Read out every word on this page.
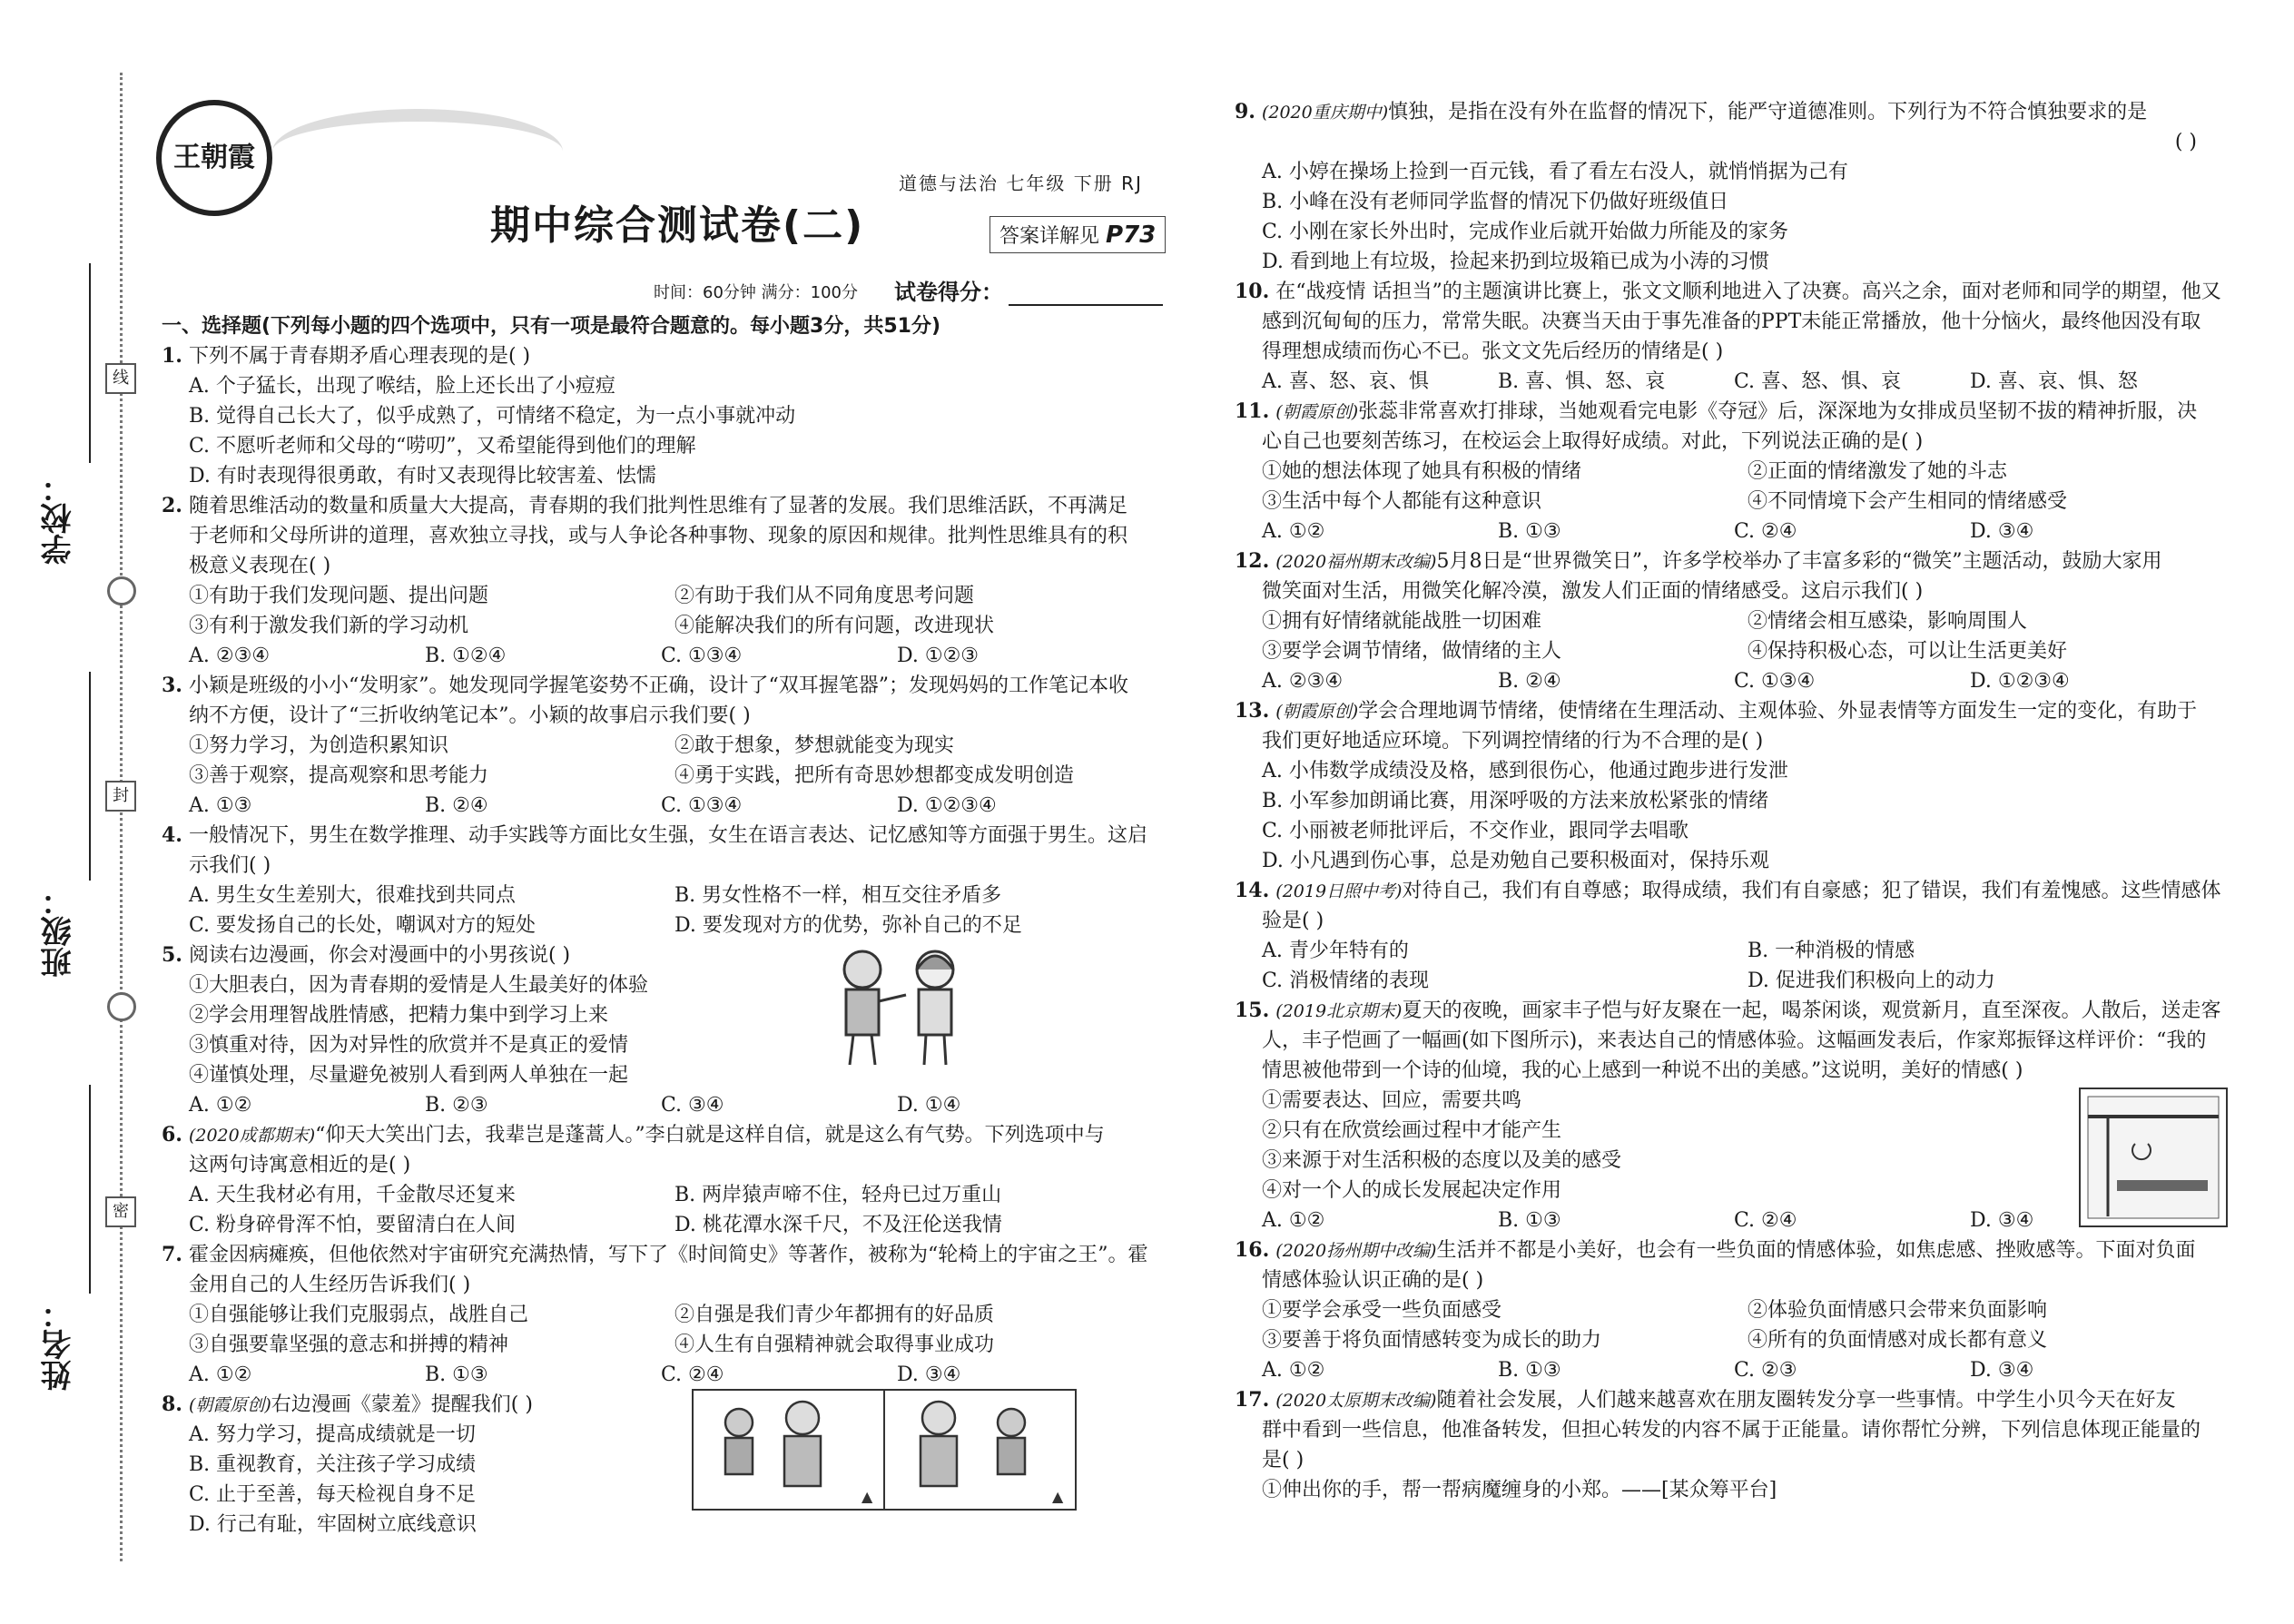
学校：
班级：
姓名：
线
封
密
王朝霞
期中综合测试卷(二)
道德与法治 七年级 下册 RJ
答案详解见 P73
时间：60分钟 满分：100分 试卷得分：
一、选择题(下列每小题的四个选项中，只有一项是最符合题意的。每小题3分，共51分)
1. 下列不属于青春期矛盾心理表现的是( )
A. 个子猛长，出现了喉结，脸上还长出了小痘痘
B. 觉得自己长大了，似乎成熟了，可情绪不稳定，为一点小事就冲动
C. 不愿听老师和父母的“唠叨”，又希望能得到他们的理解
D. 有时表现得很勇敢，有时又表现得比较害羞、怯懦
2. 随着思维活动的数量和质量大大提高，青春期的我们批判性思维有了显著的发展。我们思维活跃，不再满足
于老师和父母所讲的道理，喜欢独立寻找，或与人争论各种事物、现象的原因和规律。批判性思维具有的积
极意义表现在( )
①有助于我们发现问题、提出问题	②有助于我们从不同角度思考问题
③有利于激发我们新的学习动机	④能解决我们的所有问题，改进现状
A. ②③④	B. ①②④	C. ①③④	D. ①②③
3. 小颖是班级的小小“发明家”。她发现同学握笔姿势不正确，设计了“双耳握笔器”；发现妈妈的工作笔记本收
纳不方便，设计了“三折收纳笔记本”。小颖的故事启示我们要( )
①努力学习，为创造积累知识	②敢于想象，梦想就能变为现实
③善于观察，提高观察和思考能力	④勇于实践，把所有奇思妙想都变成发明创造
A. ①③	B. ②④	C. ①③④	D. ①②③④
4. 一般情况下，男生在数学推理、动手实践等方面比女生强，女生在语言表达、记忆感知等方面强于男生。这启
示我们( )
A. 男生女生差别大，很难找到共同点	B. 男女性格不一样，相互交往矛盾多
C. 要发扬自己的长处，嘲讽对方的短处	D. 要发现对方的优势，弥补自己的不足
5. 阅读右边漫画，你会对漫画中的小男孩说( )
①大胆表白，因为青春期的爱情是人生最美好的体验
②学会用理智战胜情感，把精力集中到学习上来
③慎重对待，因为对异性的欣赏并不是真正的爱情
④谨慎处理，尽量避免被别人看到两人单独在一起
A. ①②	B. ②③	C. ③④	D. ①④
6. (2020成都期末)“仰天大笑出门去，我辈岂是蓬蒿人。”李白就是这样自信，就是这么有气势。下列选项中与
这两句诗寓意相近的是( )
A. 天生我材必有用，千金散尽还复来	B. 两岸猿声啼不住，轻舟已过万重山
C. 粉身碎骨浑不怕，要留清白在人间	D. 桃花潭水深千尺，不及汪伦送我情
7. 霍金因病瘫痪，但他依然对宇宙研究充满热情，写下了《时间简史》等著作，被称为“轮椅上的宇宙之王”。霍
金用自己的人生经历告诉我们( )
①自强能够让我们克服弱点，战胜自己	②自强是我们青少年都拥有的好品质
③自强要靠坚强的意志和拼搏的精神	④人生有自强精神就会取得事业成功
A. ①②	B. ①③	C. ②④	D. ③④
8. (朝霞原创)右边漫画《蒙羞》提醒我们( )
A. 努力学习，提高成绩就是一切
B. 重视教育，关注孩子学习成绩
C. 止于至善，每天检视自身不足
D. 行己有耻，牢固树立底线意识
9. (2020重庆期中)慎独，是指在没有外在监督的情况下，能严守道德准则。下列行为不符合慎独要求的是
( )
A. 小婷在操场上捡到一百元钱，看了看左右没人，就悄悄据为己有
B. 小峰在没有老师同学监督的情况下仍做好班级值日
C. 小刚在家长外出时，完成作业后就开始做力所能及的家务
D. 看到地上有垃圾，捡起来扔到垃圾箱已成为小涛的习惯
10. 在“战疫情 话担当”的主题演讲比赛上，张文文顺利地进入了决赛。高兴之余，面对老师和同学的期望，他又
感到沉甸甸的压力，常常失眠。决赛当天由于事先准备的PPT未能正常播放，他十分恼火，最终他因没有取
得理想成绩而伤心不已。张文文先后经历的情绪是( )
A. 喜、怒、哀、惧	B. 喜、惧、怒、哀	C. 喜、怒、惧、哀	D. 喜、哀、惧、怒
11. (朝霞原创)张蕊非常喜欢打排球，当她观看完电影《夺冠》后，深深地为女排成员坚韧不拔的精神折服，决
心自己也要刻苦练习，在校运会上取得好成绩。对此，下列说法正确的是( )
①她的想法体现了她具有积极的情绪	②正面的情绪激发了她的斗志
③生活中每个人都能有这种意识	④不同情境下会产生相同的情绪感受
A. ①②	B. ①③	C. ②④	D. ③④
12. (2020福州期末改编)5月8日是“世界微笑日”，许多学校举办了丰富多彩的“微笑”主题活动，鼓励大家用
微笑面对生活，用微笑化解冷漠，激发人们正面的情绪感受。这启示我们( )
①拥有好情绪就能战胜一切困难	②情绪会相互感染，影响周围人
③要学会调节情绪，做情绪的主人	④保持积极心态，可以让生活更美好
A. ②③④	B. ②④	C. ①③④	D. ①②③④
13. (朝霞原创)学会合理地调节情绪，使情绪在生理活动、主观体验、外显表情等方面发生一定的变化，有助于
我们更好地适应环境。下列调控情绪的行为不合理的是( )
A. 小伟数学成绩没及格，感到很伤心，他通过跑步进行发泄
B. 小军参加朗诵比赛，用深呼吸的方法来放松紧张的情绪
C. 小丽被老师批评后，不交作业，跟同学去唱歌
D. 小凡遇到伤心事，总是劝勉自己要积极面对，保持乐观
14. (2019日照中考)对待自己，我们有自尊感；取得成绩，我们有自豪感；犯了错误，我们有羞愧感。这些情感体
验是( )
A. 青少年特有的	B. 一种消极的情感
C. 消极情绪的表现	D. 促进我们积极向上的动力
15. (2019北京期末)夏天的夜晚，画家丰子恺与好友聚在一起，喝茶闲谈，观赏新月，直至深夜。人散后，送走客
人，丰子恺画了一幅画(如下图所示)，来表达自己的情感体验。这幅画发表后，作家郑振铎这样评价：“我的
情思被他带到一个诗的仙境，我的心上感到一种说不出的美感。”这说明，美好的情感( )
①需要表达、回应，需要共鸣
②只有在欣赏绘画过程中才能产生
③来源于对生活积极的态度以及美的感受
④对一个人的成长发展起决定作用
A. ①②	B. ①③	C. ②④	D. ③④
16. (2020扬州期中改编)生活并不都是小美好，也会有一些负面的情感体验，如焦虑感、挫败感等。下面对负面
情感体验认识正确的是( )
①要学会承受一些负面感受	②体验负面情感只会带来负面影响
③要善于将负面情感转变为成长的助力	④所有的负面情感对成长都有意义
A. ①②	B. ①③	C. ②③	D. ③④
17. (2020太原期末改编)随着社会发展，人们越来越喜欢在朋友圈转发分享一些事情。中学生小贝今天在好友
群中看到一些信息，他准备转发，但担心转发的内容不属于正能量。请你帮忙分辨，下列信息体现正能量的
是( )
①伸出你的手，帮一帮病魔缠身的小郑。——[某众筹平台]
▲	▲
